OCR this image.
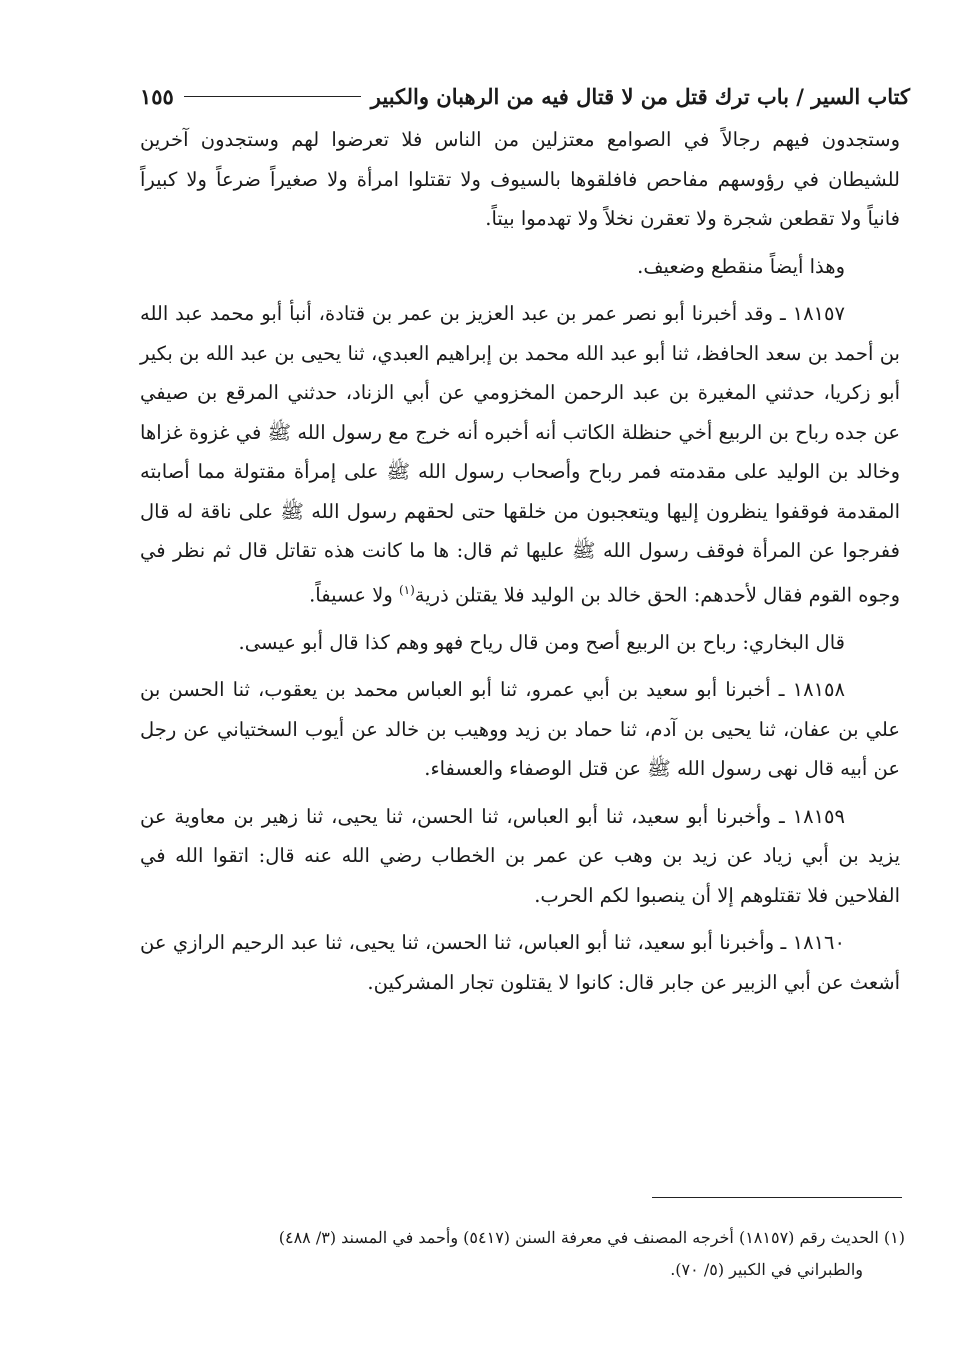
كتاب السير / باب ترك قتل من لا قتال فيه من الرهبان والكبير
١٥٥

وستجدون فيهم رجالاً في الصوامع معتزلين من الناس فلا تعرضوا لهم وستجدون آخرين للشيطان في رؤوسهم مفاحص فافلقوها بالسيوف ولا تقتلوا امرأة ولا صغيراً ضرعاً ولا كبيراً فانياً ولا تقطعن شجرة ولا تعقرن نخلاً ولا تهدموا بيتاً.

وهذا أيضاً منقطع وضعيف.

١٨١٥٧ ـ وقد أخبرنا أبو نصر عمر بن عبد العزيز بن عمر بن قتادة، أنبأ أبو محمد عبد الله بن أحمد بن سعد الحافظ، ثنا أبو عبد الله محمد بن إبراهيم العبدي، ثنا يحيى بن عبد الله بن بكير أبو زكريا، حدثني المغيرة بن عبد الرحمن المخزومي عن أبي الزناد، حدثني المرقع بن صيفي عن جده رباح بن الربيع أخي حنظلة الكاتب أنه أخبره أنه خرج مع رسول الله ﷺ في غزوة غزاها وخالد بن الوليد على مقدمته فمر رباح وأصحاب رسول الله ﷺ على إمرأة مقتولة مما أصابته المقدمة فوقفوا ينظرون إليها ويتعجبون من خلقها حتى لحقهم رسول الله ﷺ على ناقة له قال ففرجوا عن المرأة فوقف رسول الله ﷺ عليها ثم قال: ها ما كانت هذه تقاتل قال ثم نظر في وجوه القوم فقال لأحدهم: الحق خالد بن الوليد فلا يقتلن ذرية$^{(١)}$ ولا عسيفاً.

قال البخاري: رباح بن الربيع أصح ومن قال رياح فهو وهم كذا قال أبو عيسى.

١٨١٥٨ ـ أخبرنا أبو سعيد بن أبي عمرو، ثنا أبو العباس محمد بن يعقوب، ثنا الحسن بن علي بن عفان، ثنا يحيى بن آدم، ثنا حماد بن زيد ووهيب بن خالد عن أيوب السختياني عن رجل عن أبيه قال نهى رسول الله ﷺ عن قتل الوصفاء والعسفاء.

١٨١٥٩ ـ وأخبرنا أبو سعيد، ثنا أبو العباس، ثنا الحسن، ثنا يحيى، ثنا زهير بن معاوية عن يزيد بن أبي زياد عن زيد بن وهب عن عمر بن الخطاب رضي الله عنه قال: اتقوا الله في الفلاحين فلا تقتلوهم إلا أن ينصبوا لكم الحرب.

١٨١٦٠ ـ وأخبرنا أبو سعيد، ثنا أبو العباس، ثنا الحسن، ثنا يحيى، ثنا عبد الرحيم الرازي عن أشعث عن أبي الزبير عن جابر قال: كانوا لا يقتلون تجار المشركين.

(١) الحديث رقم (١٨١٥٧) أخرجه المصنف في معرفة السنن (٥٤١٧) وأحمد في المسند (٣/ ٤٨٨)

والطبراني في الكبير (٥/ ٧٠).
